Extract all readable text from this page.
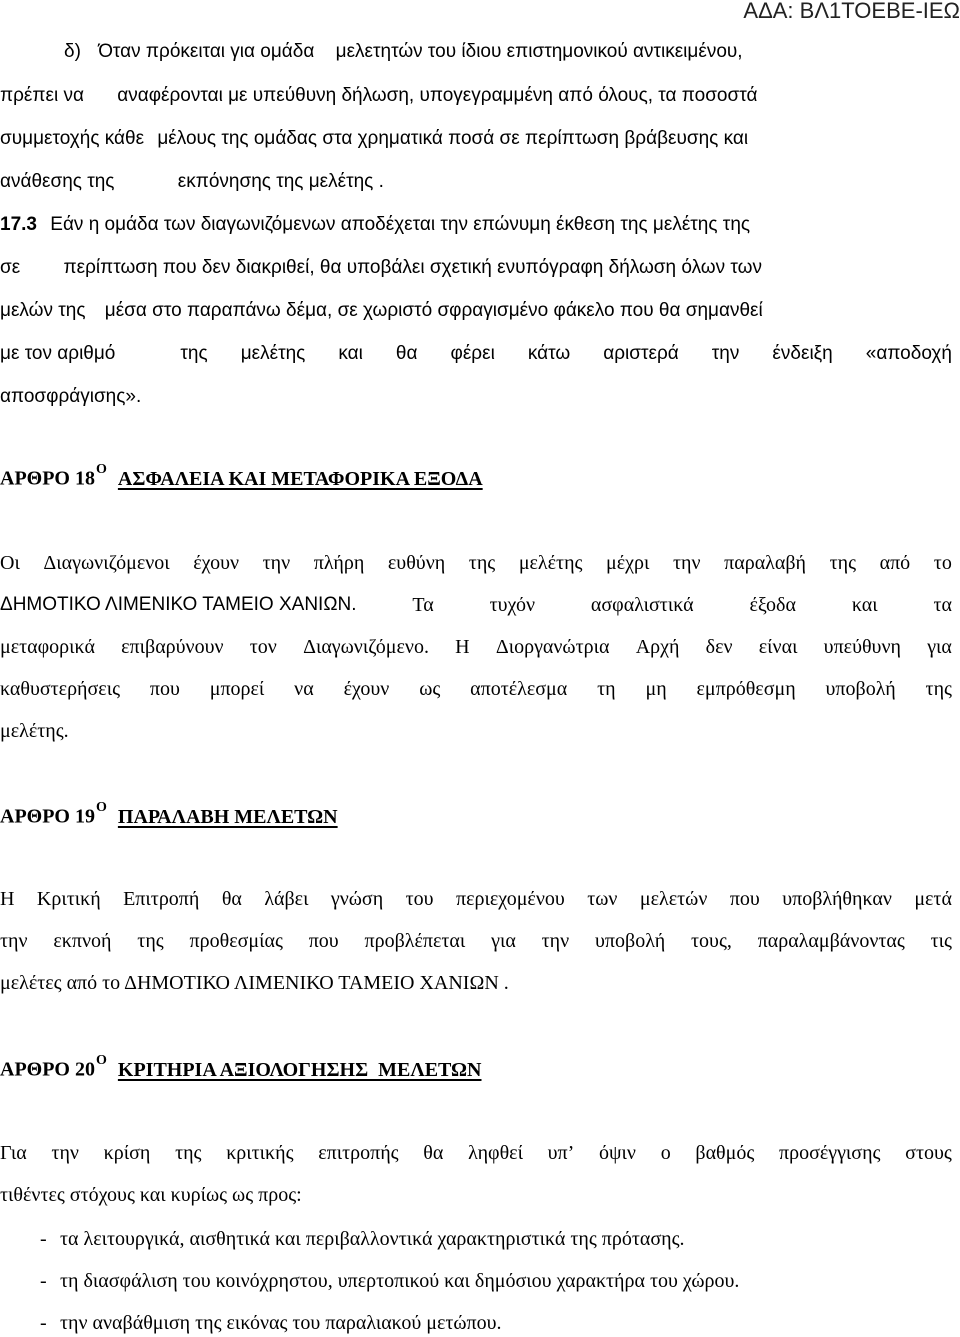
ΑΔΑ: ΒΛ1ΤΟΕΒΕ-ΙΕΩ
δ) Όταν πρόκειται για ομάδα μελετητών του ίδιου επιστημονικού αντικειμένου,
πρέπει να αναφέρονται με υπεύθυνη δήλωση, υπογεγραμμένη από όλους, τα ποσοστά
συμμετοχής κάθε μέλους της ομάδας στα χρηματικά ποσά σε περίπτωση βράβευσης και
ανάθεσης της	εκπόνησης της μελέτης .
17.3 Εάν η ομάδα των διαγωνιζόμενων αποδέχεται την επώνυμη έκθεση της μελέτης της
σε περίπτωση που δεν διακριθεί, θα υποβάλει σχετική ενυπόγραφη δήλωση όλων των
μελών της μέσα στο παραπάνω δέμα, σε χωριστό σφραγισμένο φάκελο που θα σημανθεί
με τον αριθμό	της μελέτης και θα φέρει κάτω αριστερά την ένδειξη «αποδοχή
αποσφράγισης».
ΑΡΘΡΟ $18^O$ ΑΣΦΑΛΕΙΑ ΚΑΙ ΜΕΤΑΦΟΡΙΚΑ ΕΞΟΔΑ
Οι Διαγωνιζόμενοι έχουν την πλήρη ευθύνη της μελέτης μέχρι την παραλαβή της από το
ΔΗΜΟΤΙΚΟ ΛΙΜΕΝΙΚΟ ΤΑΜΕΙΟ ΧΑΝΙΩΝ.	Τα	τυχόν	ασφαλιστικά	έξοδα	και	τα
μεταφορικά επιβαρύνουν τον Διαγωνιζόμενο. Η Διοργανώτρια Αρχή δεν είναι υπεύθυνη για
καθυστερήσεις που μπορεί να έχουν ως αποτέλεσμα τη μη εμπρόθεσμη υποβολή της
μελέτης.
ΑΡΘΡΟ $19^O$ ΠΑΡΑΛΑΒΗ ΜΕΛΕΤΩΝ
Η Κριτική Επιτροπή θα λάβει γνώση του περιεχομένου των μελετών που υποβλήθηκαν μετά
την εκπνοή της προθεσμίας που προβλέπεται για την υποβολή τους, παραλαμβάνοντας τις
μελέτες από το ΔΗΜΟΤΙΚΟ ΛΙΜΕΝΙΚΟ ΤΑΜΕΙΟ ΧΑΝΙΩΝ .
ΑΡΘΡΟ $20^O$ ΚΡΙΤΗΡΙΑ ΑΞΙΟΛΟΓΗΣΗΣ  ΜΕΛΕΤΩΝ
Για την κρίση της κριτικής επιτροπής θα ληφθεί υπ’ όψιν ο βαθμός προσέγγισης στους
τιθέντες στόχους και κυρίως ως προς:
- τα λειτουργικά, αισθητικά και περιβαλλοντικά χαρακτηριστικά της πρότασης.
- τη διασφάλιση του κοινόχρηστου, υπερτοπικού και δημόσιου χαρακτήρα του χώρου.
- την αναβάθμιση της εικόνας του παραλιακού μετώπου.
